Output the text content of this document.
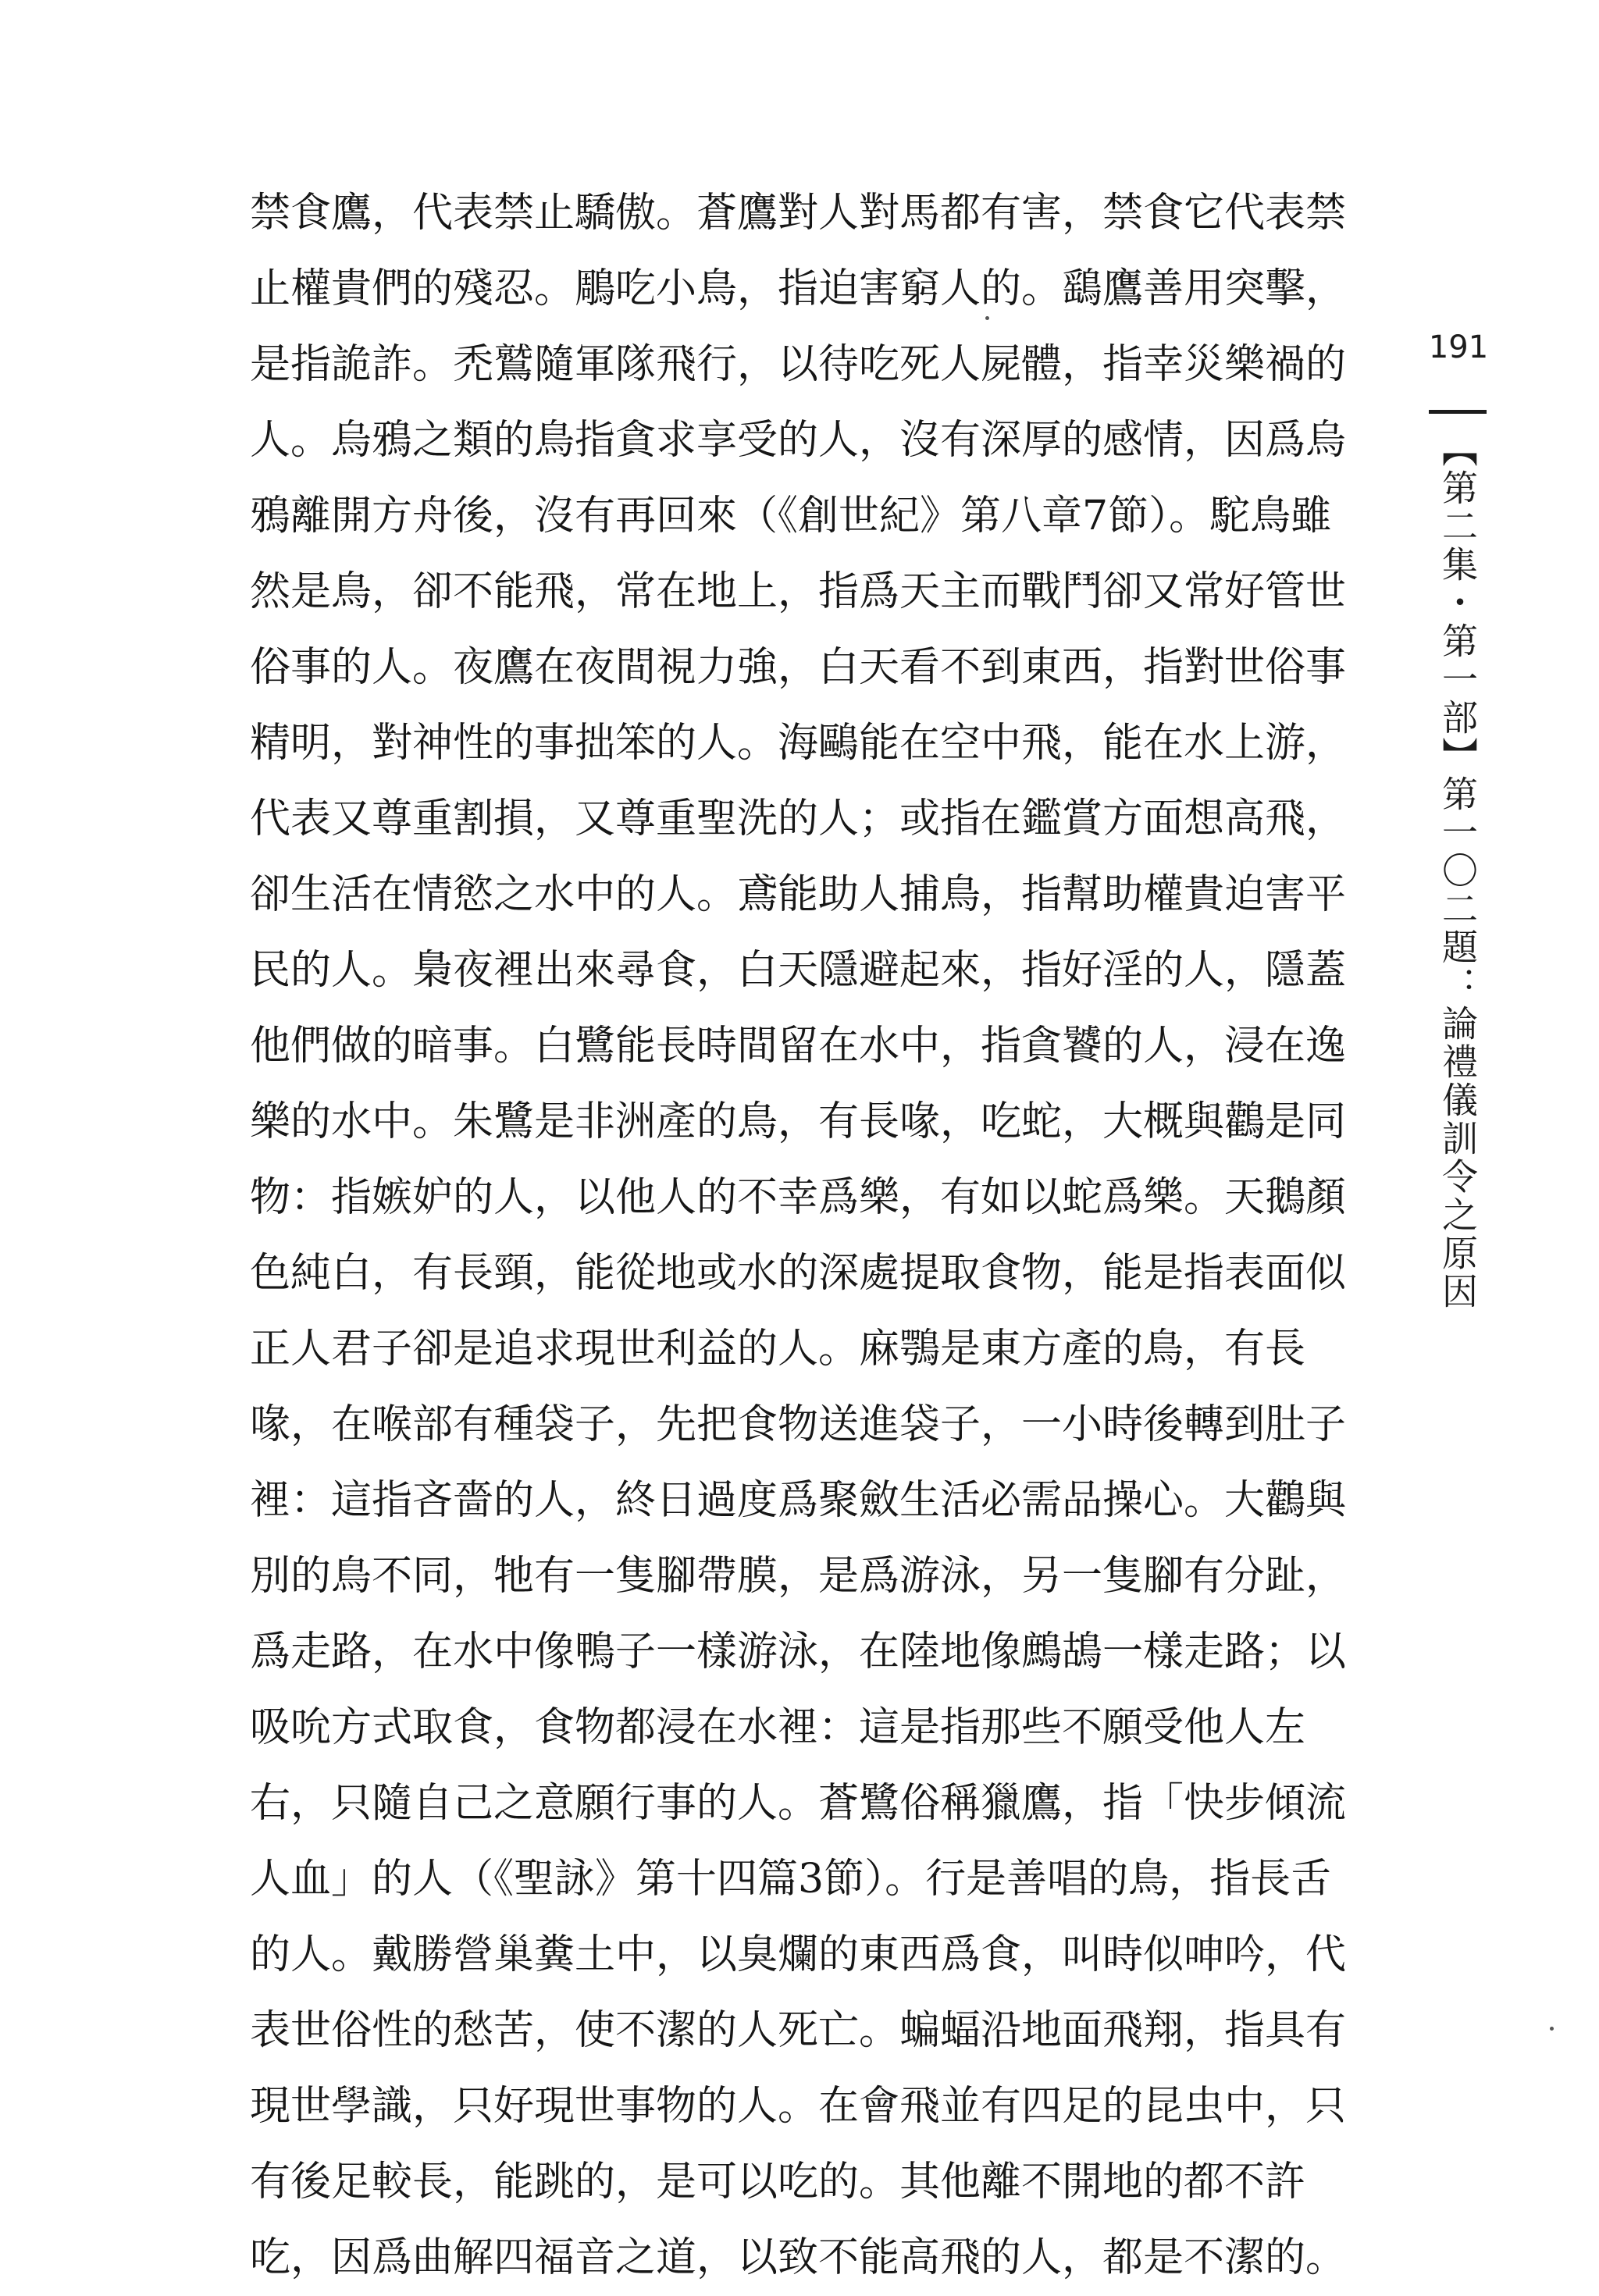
禁食鷹，代表禁止驕傲。蒼鷹對人對馬都有害，禁食它代表禁
止權貴們的殘忍。鵰吃小鳥，指迫害窮人的。鷂鷹善用突擊，
是指詭詐。禿鷲隨軍隊飛行，以待吃死人屍體，指幸災樂禍的
人。烏鴉之類的鳥指貪求享受的人，沒有深厚的感情，因爲烏
鴉離開方舟後，沒有再回來（《創世紀》第八章7節）。駝鳥雖
然是鳥，卻不能飛，常在地上，指爲天主而戰鬥卻又常好管世
俗事的人。夜鷹在夜間視力強，白天看不到東西，指對世俗事
精明，對神性的事拙笨的人。海鷗能在空中飛，能在水上游，
代表又尊重割損，又尊重聖洗的人；或指在鑑賞方面想高飛，
卻生活在情慾之水中的人。鳶能助人捕鳥，指幫助權貴迫害平
民的人。梟夜裡出來尋食，白天隱避起來，指好淫的人，隱蓋
他們做的暗事。白鷺能長時間留在水中，指貪饕的人，浸在逸
樂的水中。朱鷺是非洲產的鳥，有長喙，吃蛇，大概與鸛是同
物：指嫉妒的人，以他人的不幸爲樂，有如以蛇爲樂。天鵝顏
色純白，有長頸，能從地或水的深處提取食物，能是指表面似
正人君子卻是追求現世利益的人。麻鶚是東方產的鳥，有長
喙，在喉部有種袋子，先把食物送進袋子，一小時後轉到肚子
裡：這指吝嗇的人，終日過度爲聚斂生活必需品操心。大鸛與
別的鳥不同，牠有一隻腳帶膜，是爲游泳，另一隻腳有分趾，
爲走路，在水中像鴨子一樣游泳，在陸地像鷓鴣一樣走路；以
吸吮方式取食，食物都浸在水裡：這是指那些不願受他人左
右，只隨自己之意願行事的人。蒼鷺俗稱獵鷹，指「快步傾流
人血」的人（《聖詠》第十四篇3節）。行是善唱的鳥，指長舌
的人。戴勝營巢糞土中，以臭爛的東西爲食，叫時似呻吟，代
表世俗性的愁苦，使不潔的人死亡。蝙蝠沿地面飛翔，指具有
現世學識，只好現世事物的人。在會飛並有四足的昆虫中，只
有後足較長，能跳的，是可以吃的。其他離不開地的都不許
吃，因爲曲解四福音之道，以致不能高飛的人，都是不潔的。
191
【第二集・第一部】第一〇二題：論禮儀訓令之原因
